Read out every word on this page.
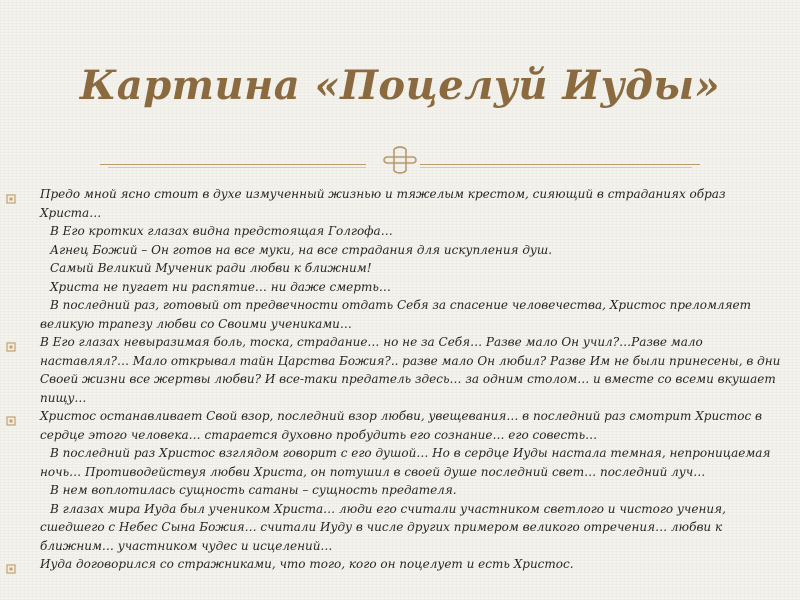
Картина «Поцелуй Иуды»

Предо мной ясно стоит в духе измученный жизнью и тяжелым крестом, сияющий в страданиях образ Христа…

В Его кротких глазах видна предстоящая Голгофа…

Агнец Божий – Он готов на все муки, на все страдания для искупления душ.

Самый Великий Мученик ради любви к ближним!

Христа не пугает ни распятие… ни даже смерть…

В последний раз, готовый от предвечности отдать Себя за спасение человечества, Христос преломляет великую трапезу любви со Своими учениками…

В Его глазах невыразимая боль, тоска, страдание… но не за Себя… Разве мало Он учил?…Разве мало наставлял?… Мало открывал тайн Царства Божия?.. разве мало Он любил? Разве Им не были принесены, в дни Своей жизни все жертвы любви? И все-таки предатель здесь… за одним столом… и вместе со всеми вкушает пищу…

Христос останавливает Свой взор, последний взор любви, увещевания… в последний раз смотрит Христос в сердце этого человека… старается духовно пробудить его сознание… его совесть…

В последний раз Христос взглядом говорит с его душой… Но в сердце Иуды настала темная, непроницаемая ночь… Противодействуя любви Христа, он потушил в своей душе последний свет… последний луч…

В нем воплотилась сущность сатаны – сущность предателя.

В глазах мира Иуда был учеником Христа… люди его считали участником светлого и чистого учения, сшедшего с Небес Сына Божия… считали Иуду в числе других примером великого отречения… любви к ближним… участником чудес и исцелений…

Иуда договорился со стражниками, что того, кого он поцелует и есть Христос.
